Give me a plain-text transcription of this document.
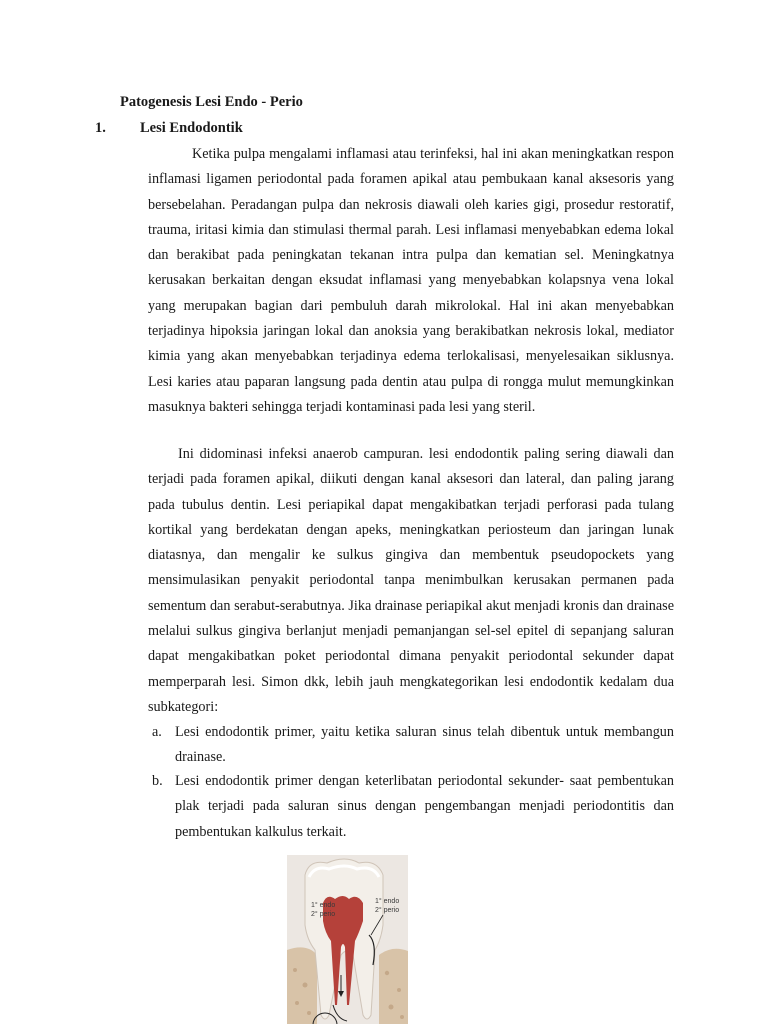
Patogenesis Lesi Endo - Perio
1. Lesi Endodontik

Ketika pulpa mengalami inflamasi atau terinfeksi, hal ini akan meningkatkan respon inflamasi ligamen periodontal pada foramen apikal atau pembukaan kanal aksesoris yang bersebelahan. Peradangan pulpa dan nekrosis diawali oleh karies gigi, prosedur restoratif, trauma, iritasi kimia dan stimulasi thermal parah. Lesi inflamasi menyebabkan edema lokal dan berakibat pada peningkatan tekanan intra pulpa dan kematian sel. Meningkatnya kerusakan berkaitan dengan eksudat inflamasi yang menyebabkan kolapsnya vena lokal yang merupakan bagian dari pembuluh darah mikrolokal. Hal ini akan menyebabkan terjadinya hipoksia jaringan lokal dan anoksia yang berakibatkan nekrosis lokal, mediator kimia yang akan menyebabkan terjadinya edema terlokalisasi, menyelesaikan siklusnya. Lesi karies atau paparan langsung pada dentin atau pulpa di rongga mulut memungkinkan masuknya bakteri sehingga terjadi kontaminasi pada lesi yang steril.

Ini didominasi infeksi anaerob campuran. lesi endodontik paling sering diawali dan terjadi pada foramen apikal, diikuti dengan kanal aksesori dan lateral, dan paling jarang pada tubulus dentin. Lesi periapikal dapat mengakibatkan terjadi perforasi pada tulang kortikal yang berdekatan dengan apeks, meningkatkan periosteum dan jaringan lunak diatasnya, dan mengalir ke sulkus gingiva dan membentuk pseudopockets yang mensimulasikan penyakit periodontal tanpa menimbulkan kerusakan permanen pada sementum dan serabut-serabutnya. Jika drainase periapikal akut menjadi kronis dan drainase melalui sulkus gingiva berlanjut menjadi pemanjangan sel-sel epitel di sepanjang saluran dapat mengakibatkan poket periodontal dimana penyakit periodontal sekunder dapat memperparah lesi. Simon dkk, lebih jauh mengkategorikan lesi endodontik kedalam dua subkategori:

a. Lesi endodontik primer, yaitu ketika saluran sinus telah dibentuk untuk membangun drainase.
b. Lesi endodontik primer dengan keterlibatan periodontal sekunder- saat pembentukan plak terjadi pada saluran sinus dengan pengembangan menjadi periodontitis dan pembentukan kalkulus terkait.
1° endo
2° perio
1° endo
2° perio
